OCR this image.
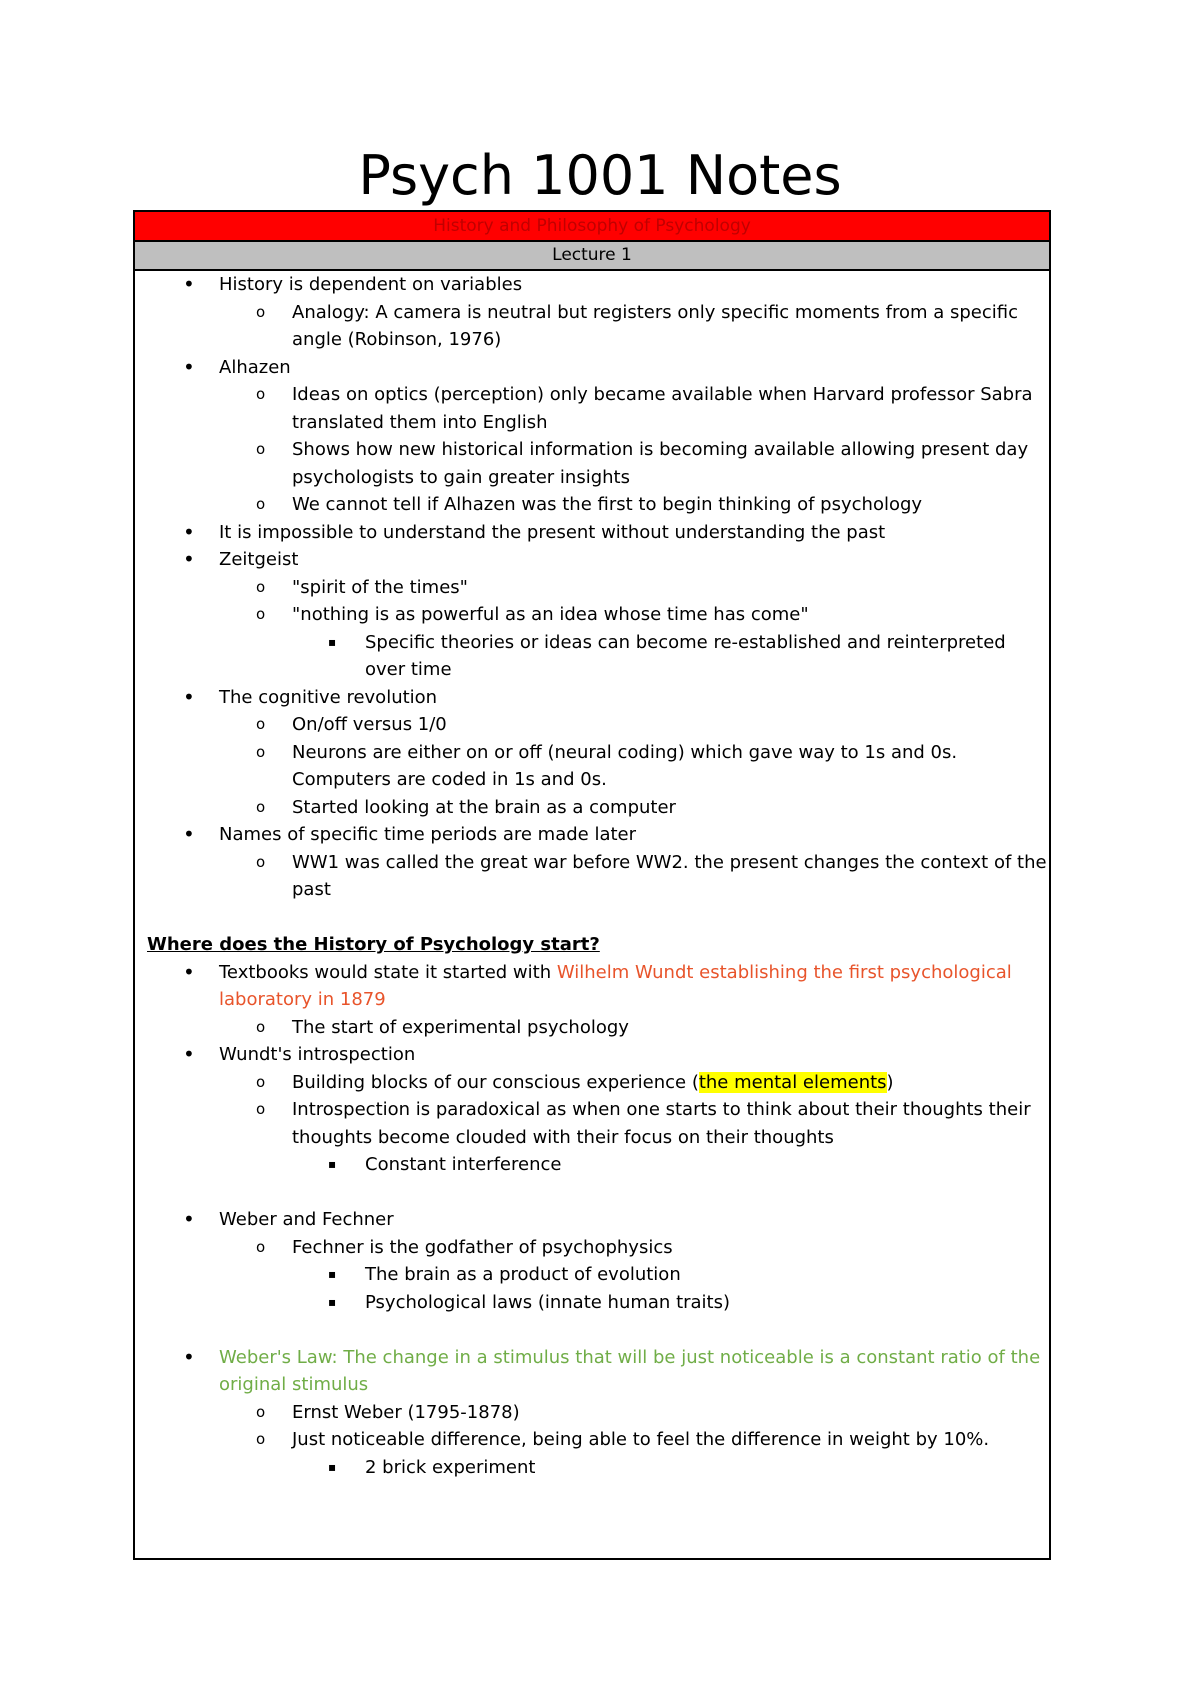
Psych 1001 Notes
History and Philosophy of Psychology
Lecture 1
• History is dependent on variables
o Analogy: A camera is neutral but registers only specific moments from a specific angle (Robinson, 1976)
• Alhazen
o Ideas on optics (perception) only became available when Harvard professor Sabra translated them into English
o Shows how new historical information is becoming available allowing present day psychologists to gain greater insights
o We cannot tell if Alhazen was the first to begin thinking of psychology
• It is impossible to understand the present without understanding the past
• Zeitgeist
o "spirit of the times"
o "nothing is as powerful as an idea whose time has come"
▪ Specific theories or ideas can become re-established and reinterpreted over time
• The cognitive revolution
o On/off versus 1/0
o Neurons are either on or off (neural coding) which gave way to 1s and 0s. Computers are coded in 1s and 0s.
o Started looking at the brain as a computer
• Names of specific time periods are made later
o WW1 was called the great war before WW2. the present changes the context of the past
Where does the History of Psychology start?
• Textbooks would state it started with Wilhelm Wundt establishing the first psychological laboratory in 1879
o The start of experimental psychology
• Wundt's introspection
o Building blocks of our conscious experience (the mental elements)
o Introspection is paradoxical as when one starts to think about their thoughts their thoughts become clouded with their focus on their thoughts
▪ Constant interference
• Weber and Fechner
o Fechner is the godfather of psychophysics
▪ The brain as a product of evolution
▪ Psychological laws (innate human traits)
• Weber's Law: The change in a stimulus that will be just noticeable is a constant ratio of the original stimulus
o Ernst Weber (1795-1878)
o Just noticeable difference, being able to feel the difference in weight by 10%.
▪ 2 brick experiment
